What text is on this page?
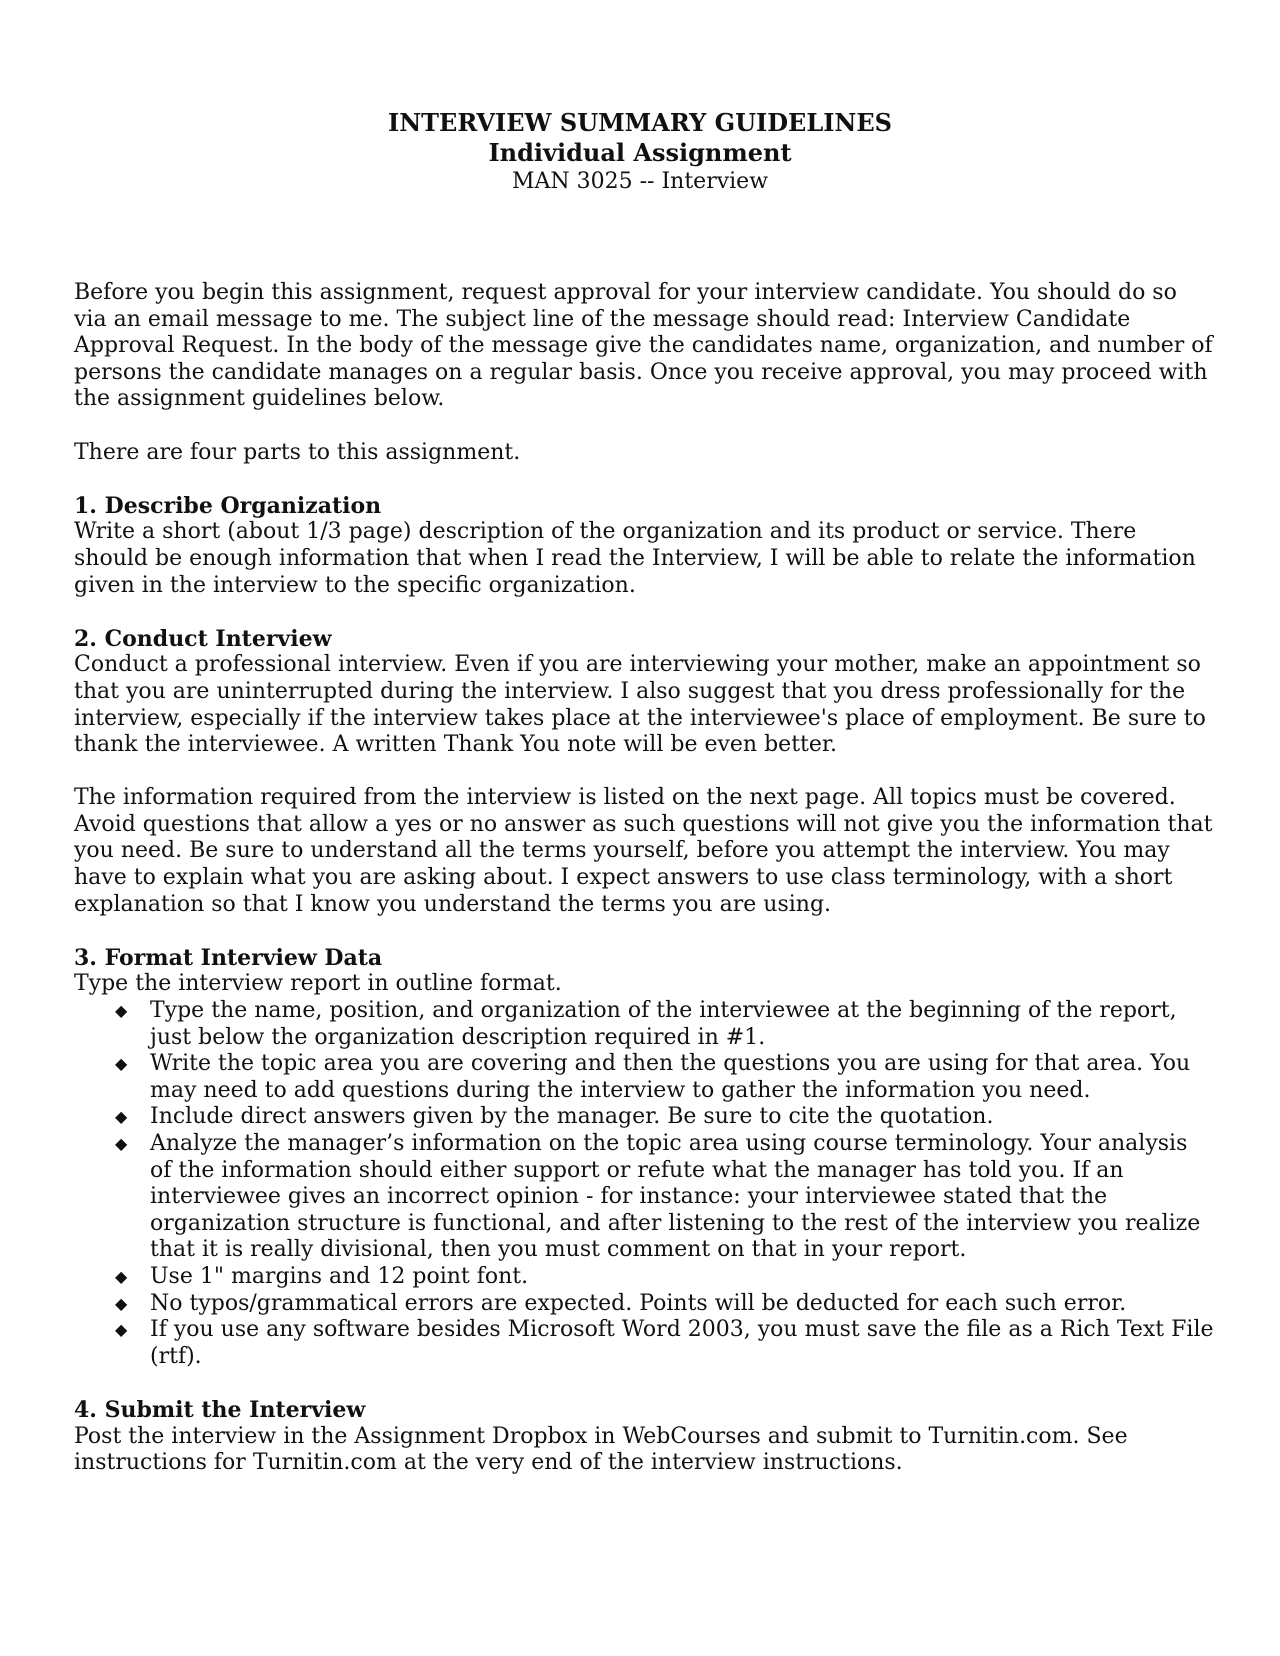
INTERVIEW SUMMARY GUIDELINES
Individual Assignment
MAN 3025 -- Interview

Before you begin this assignment, request approval for your interview candidate. You should do so via an email message to me. The subject line of the message should read: Interview Candidate Approval Request. In the body of the message give the candidates name, organization, and number of persons the candidate manages on a regular basis. Once you receive approval, you may proceed with the assignment guidelines below.

There are four parts to this assignment.

1. Describe Organization

Write a short (about 1/3 page) description of the organization and its product or service. There should be enough information that when I read the Interview, I will be able to relate the information given in the interview to the specific organization.

2. Conduct Interview

Conduct a professional interview. Even if you are interviewing your mother, make an appointment so that you are uninterrupted during the interview. I also suggest that you dress professionally for the interview, especially if the interview takes place at the interviewee's place of employment. Be sure to thank the interviewee. A written Thank You note will be even better.

The information required from the interview is listed on the next page. All topics must be covered. Avoid questions that allow a yes or no answer as such questions will not give you the information that you need. Be sure to understand all the terms yourself, before you attempt the interview. You may have to explain what you are asking about. I expect answers to use class terminology, with a short explanation so that I know you understand the terms you are using.

3. Format Interview Data

Type the interview report in outline format.

◆ Type the name, position, and organization of the interviewee at the beginning of the report, just below the organization description required in #1.
◆ Write the topic area you are covering and then the questions you are using for that area. You may need to add questions during the interview to gather the information you need.
◆ Include direct answers given by the manager. Be sure to cite the quotation.
◆ Analyze the manager’s information on the topic area using course terminology. Your analysis of the information should either support or refute what the manager has told you. If an interviewee gives an incorrect opinion - for instance: your interviewee stated that the organization structure is functional, and after listening to the rest of the interview you realize that it is really divisional, then you must comment on that in your report.
◆ Use 1" margins and 12 point font.
◆ No typos/grammatical errors are expected. Points will be deducted for each such error.
◆ If you use any software besides Microsoft Word 2003, you must save the file as a Rich Text File (rtf).

4. Submit the Interview

Post the interview in the Assignment Dropbox in WebCourses and submit to Turnitin.com. See instructions for Turnitin.com at the very end of the interview instructions.
